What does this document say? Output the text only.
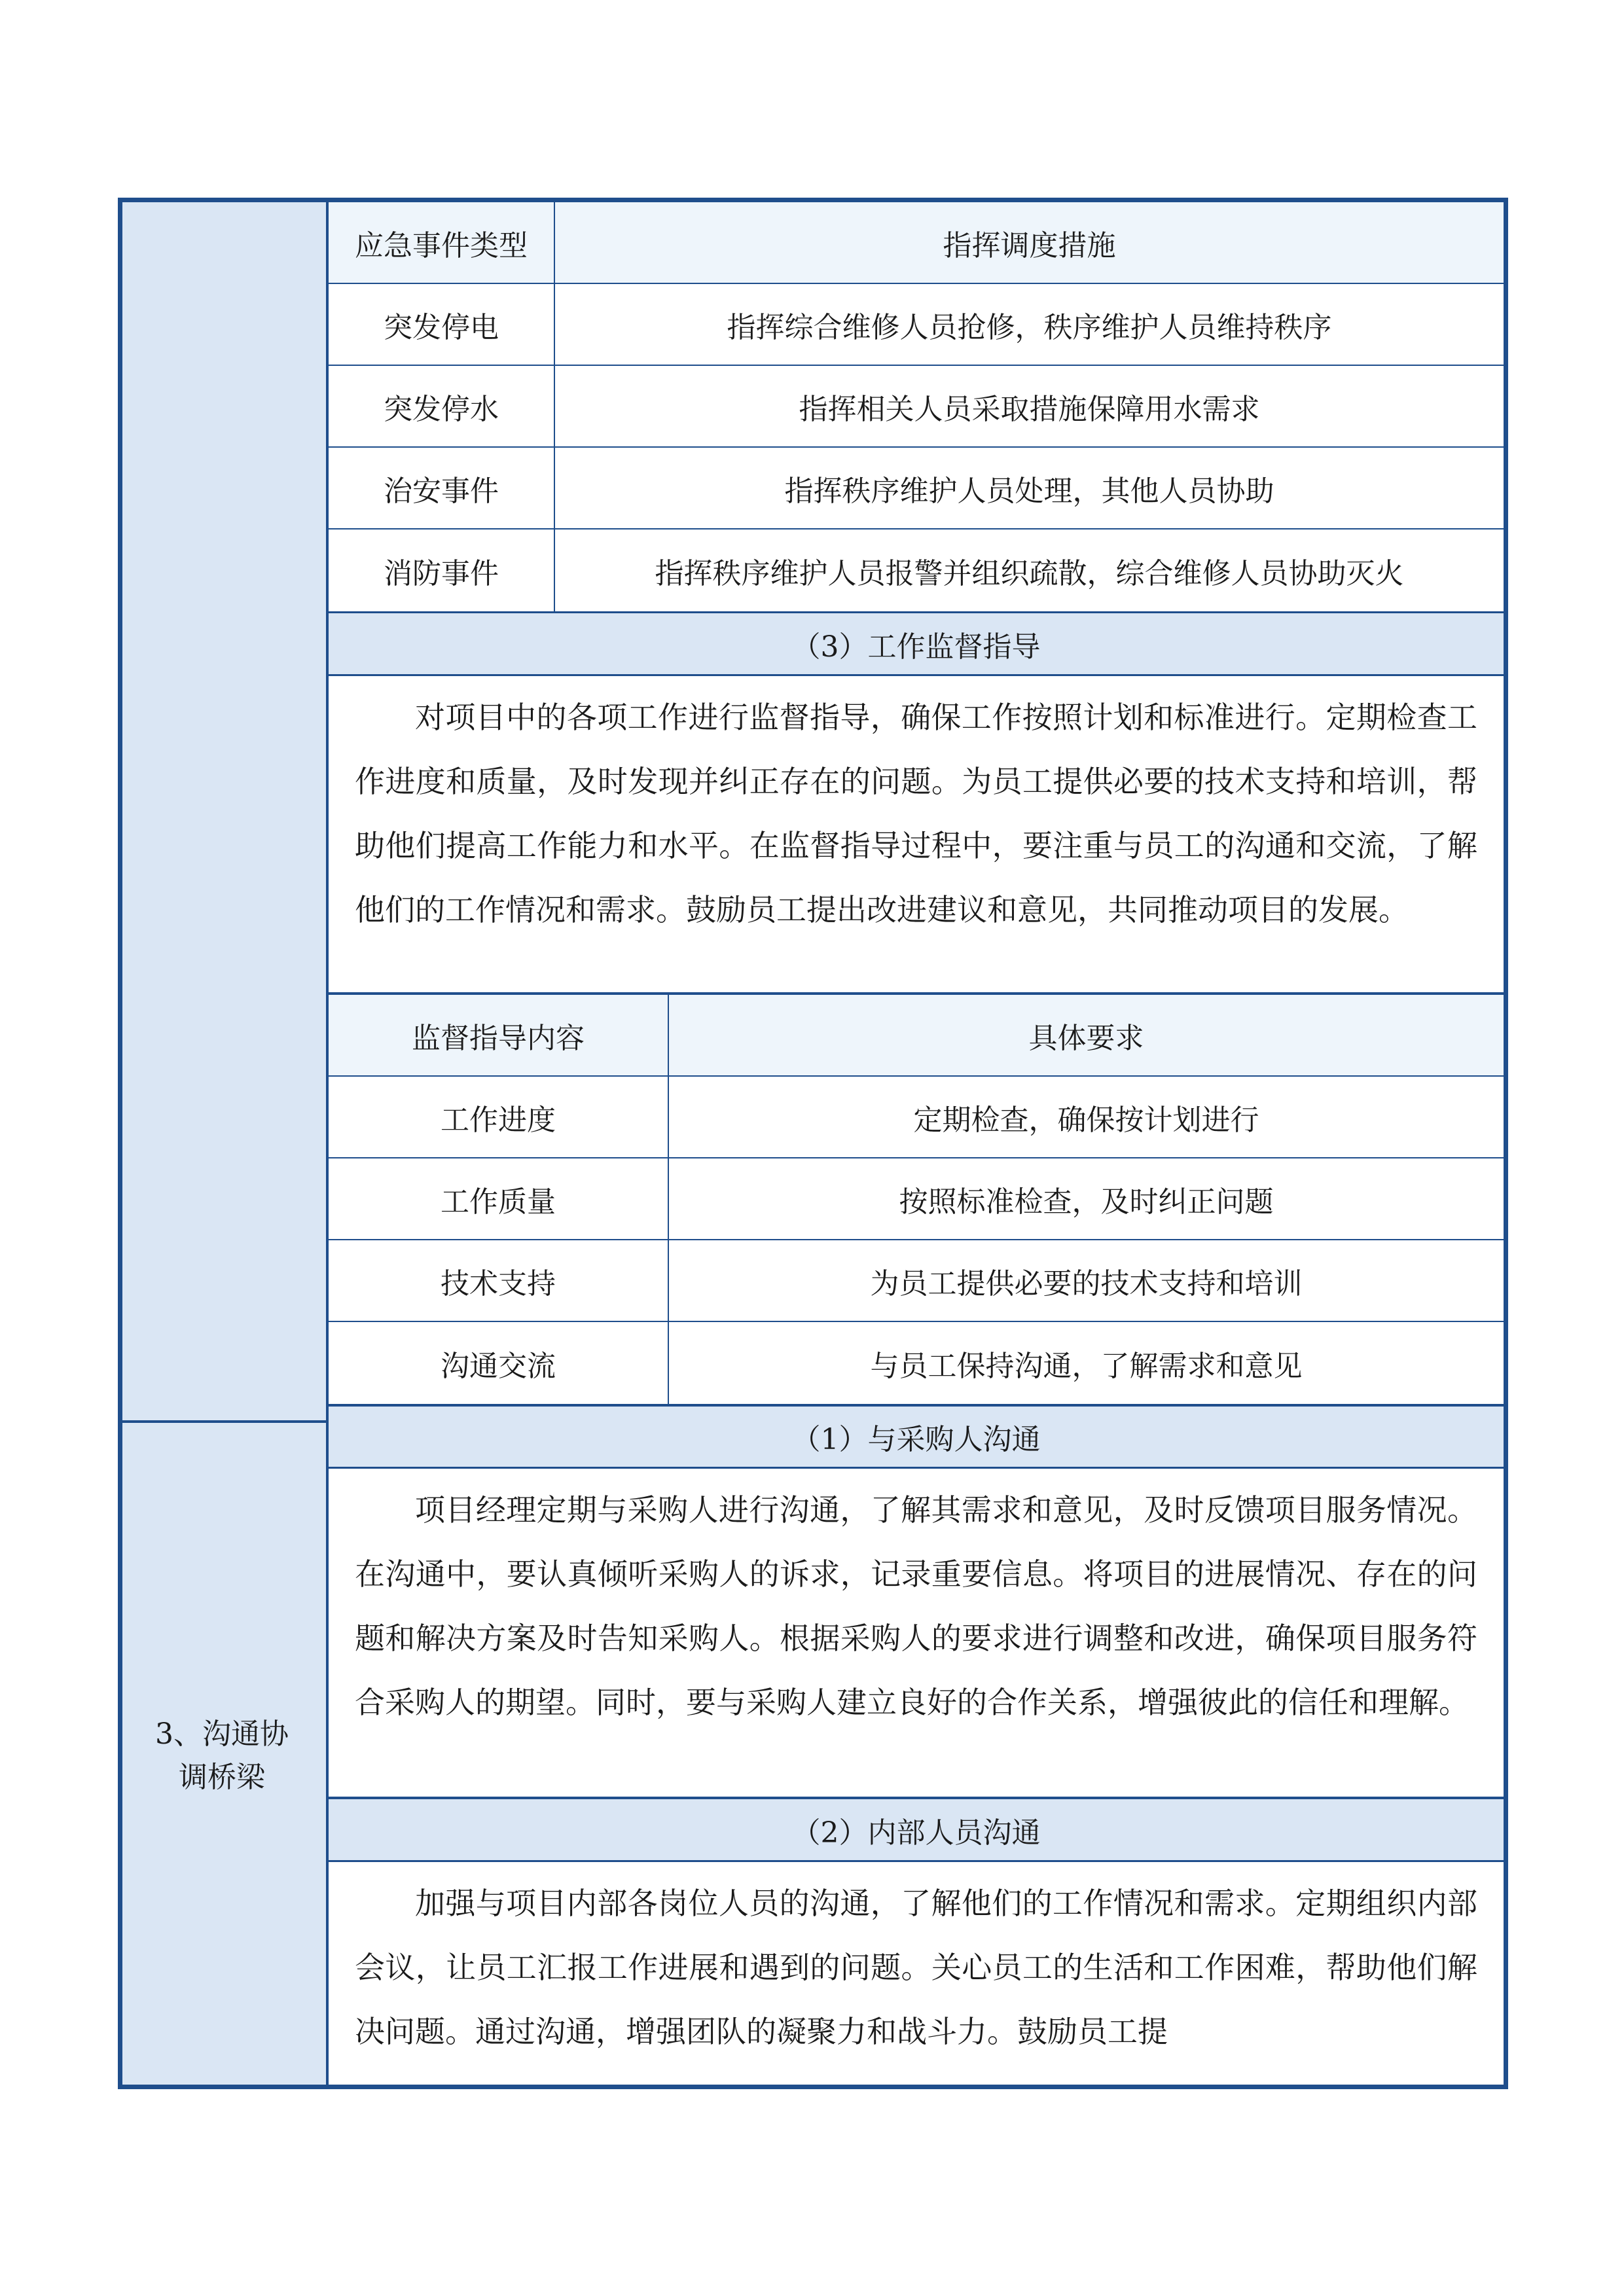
3、沟通协调桥梁
应急事件类型	指挥调度措施
突发停电	指挥综合维修人员抢修，秩序维护人员维持秩序
突发停水	指挥相关人员采取措施保障用水需求
治安事件	指挥秩序维护人员处理，其他人员协助
消防事件	指挥秩序维护人员报警并组织疏散，综合维修人员协助灭火
（3）工作监督指导
对项目中的各项工作进行监督指导，确保工作按照计划和标准进行。定期检查工作进度和质量，及时发现并纠正存在的问题。为员工提供必要的技术支持和培训，帮助他们提高工作能力和水平。在监督指导过程中，要注重与员工的沟通和交流，了解他们的工作情况和需求。鼓励员工提出改进建议和意见，共同推动项目的发展。
监督指导内容	具体要求
工作进度	定期检查，确保按计划进行
工作质量	按照标准检查，及时纠正问题
技术支持	为员工提供必要的技术支持和培训
沟通交流	与员工保持沟通，了解需求和意见
（1）与采购人沟通
项目经理定期与采购人进行沟通，了解其需求和意见，及时反馈项目服务情况。在沟通中，要认真倾听采购人的诉求，记录重要信息。将项目的进展情况、存在的问题和解决方案及时告知采购人。根据采购人的要求进行调整和改进，确保项目服务符合采购人的期望。同时，要与采购人建立良好的合作关系，增强彼此的信任和理解。
（2）内部人员沟通
加强与项目内部各岗位人员的沟通，了解他们的工作情况和需求。定期组织内部会议，让员工汇报工作进展和遇到的问题。关心员工的生活和工作困难，帮助他们解决问题。通过沟通，增强团队的凝聚力和战斗力。鼓励员工提
